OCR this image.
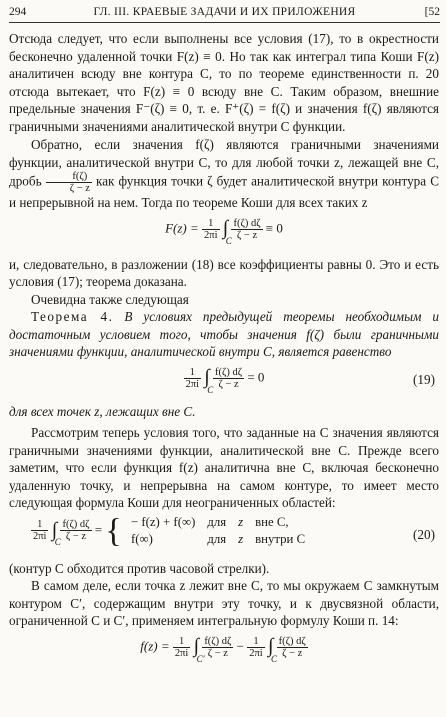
294	ГЛ. III. КРАЕВЫЕ ЗАДАЧИ И ИХ ПРИЛОЖЕНИЯ	[52

Отсюда следует, что если выполнены все условия (17), то в окрестности бесконечно удаленной точки F(z) ≡ 0. Но так как интеграл типа Коши F(z) аналитичен всюду вне контура C, то по теореме единственности п. 20 отсюда вытекает, что F(z) ≡ 0 всюду вне C. Таким образом, внешние предельные значения F⁻(ζ) ≡ 0, т. е. F⁺(ζ) = f(ζ) и значения f(ζ) являются граничными значениями аналитической внутри C функции.

Обратно, если значения f(ζ) являются граничными значениями функции, аналитической внутри C, то для любой точки z, лежащей вне C, дробь $\frac{f(\zeta)}{\zeta - z}$ как функция точки ζ будет аналитической внутри контура C и непрерывной на нем. Тогда по теореме Коши для всех таких z

$F(z) = \frac{1}{2\pi i}$ ∫
C

$\frac{f(\zeta) d\zeta}{\zeta - z} \equiv 0$

и, следовательно, в разложении (18) все коэффициенты равны 0. Это и есть условия (17); теорема доказана.

Очевидна также следующая

Теорема 4. В условиях предыдущей теоремы необходимым и достаточным условием того, чтобы значения f(ζ) были граничными значениями функции, аналитической внутри C, является равенство

$\frac{1}{2\pi i}$ ∫
C

$\frac{f(\zeta) d\zeta}{\zeta - z} = 0$	(19)

для всех точек z, лежащих вне C.

Рассмотрим теперь условия того, что заданные на C значения являются граничными значениями функции, аналитической вне C. Прежде всего заметим, что если функция f(z) аналитична вне C, включая бесконечно удаленную точку, и непрерывна на самом контуре, то имеет место следующая формула Коши для неограниченных областей:

$\frac{1}{2\pi i}$ ∫
C

$\frac{f(\zeta) d\zeta}{\zeta - z}$ = { − f(z) + f(∞)	для	z	вне C,
f(∞)	для	z	внутри C	(20)

(контур C обходится против часовой стрелки).

В самом деле, если точка z лежит вне C, то мы окружаем C замкнутым контуром C′, содержащим внутри эту точку, и к двусвязной области, ограниченной C и C′, применяем интегральную формулу Коши п. 14:

$f(z) = \frac{1}{2\pi i}$ ∫
C′

$\frac{f(\zeta) d\zeta}{\zeta - z} - \frac{1}{2\pi i}$ ∫
C

$\frac{f(\zeta) d\zeta}{\zeta - z}$
